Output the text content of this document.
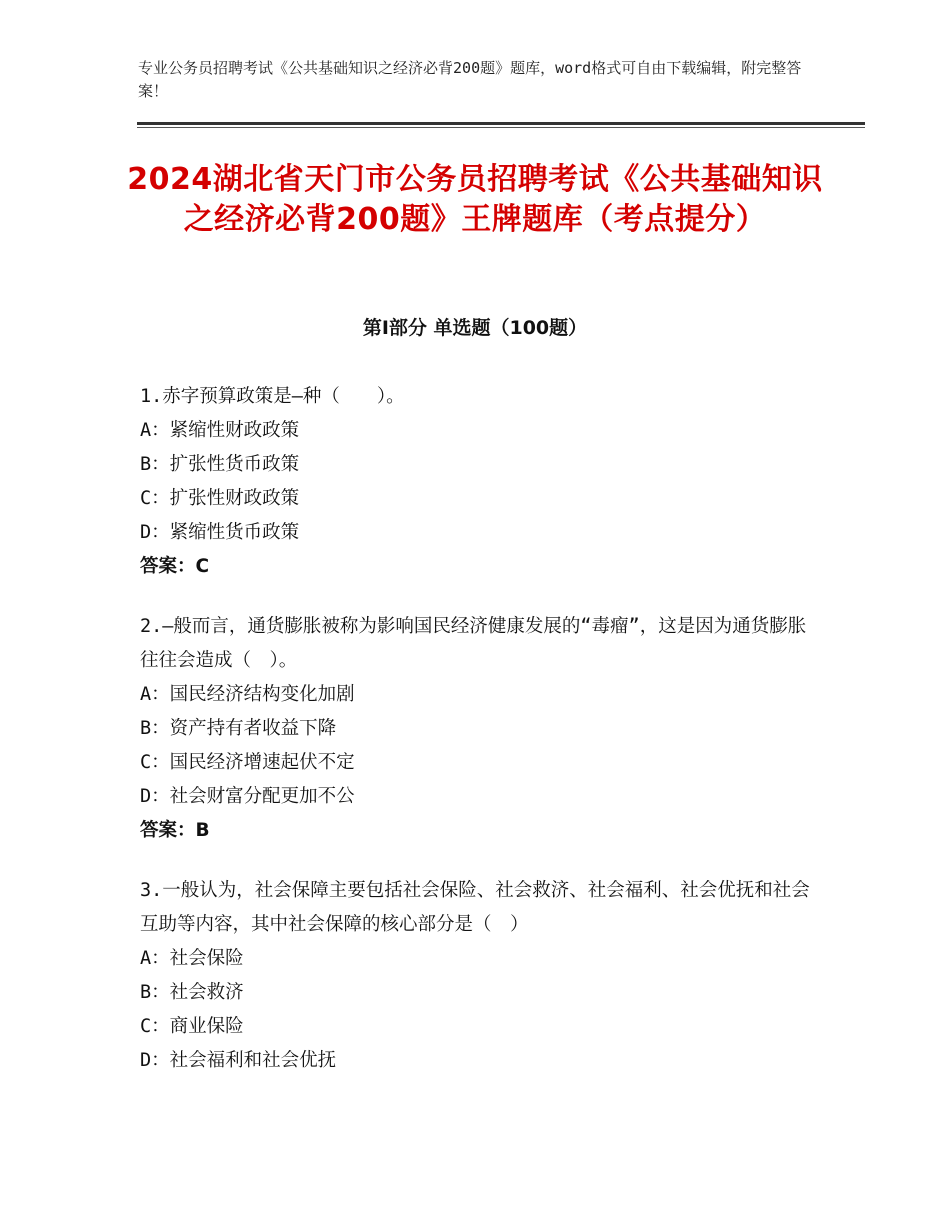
专业公务员招聘考试《公共基础知识之经济必背200题》题库，word格式可自由下载编辑，附完整答案！
2024湖北省天门市公务员招聘考试《公共基础知识之经济必背200题》王牌题库（考点提分）
第Ⅰ部分 单选题（100题）

1.赤字预算政策是—种（　　）。

A：紧缩性财政政策

B：扩张性货币政策

C：扩张性财政政策

D：紧缩性货币政策

答案：C

2.—般而言，通货膨胀被称为影响国民经济健康发展的“毒瘤”，这是因为通货膨胀往往会造成（　）。

A：国民经济结构变化加剧

B：资产持有者收益下降

C：国民经济增速起伏不定

D：社会财富分配更加不公

答案：B

3.一般认为，社会保障主要包括社会保险、社会救济、社会福利、社会优抚和社会互助等内容，其中社会保障的核心部分是（　）

A：社会保险

B：社会救济

C：商业保险

D：社会福利和社会优抚
